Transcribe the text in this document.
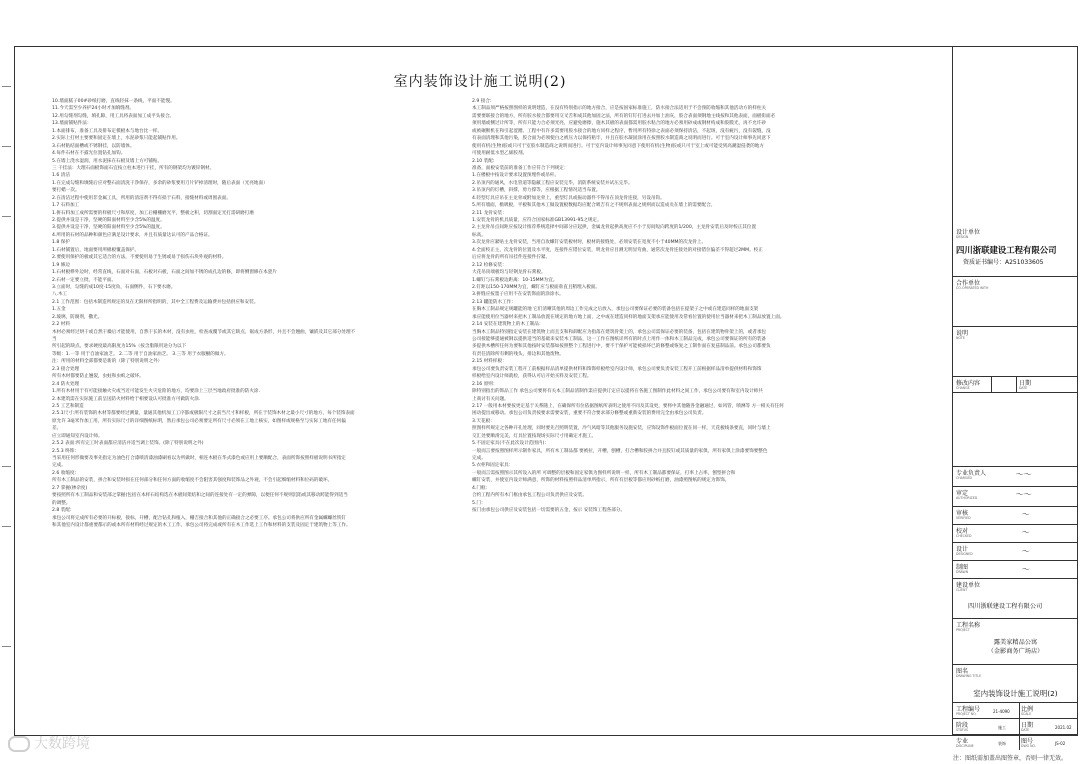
室内装饰设计施工说明(2)
10.墙面腻子00#砂纸打磨，直线轻抹一条线，平面不能慢。
11.今天需至少养护24小时才加填缝剂。
12.用勾缝剂勾缝，填孔隙，用工具将表面加工成平头接合。
13.墙面铺贴件法：
1.本面排布，准备工具及排布定模板本与地台比一样。
2.实际上打材主要要和固定在墙上，水泥砂浆只能起铺贴作用。
3.石材粘结面槽或不锈钢挂，以防墙体。
4.每件石材在不露光位置钻孔加钩。
5.在墙上浇水湿润，用水泥抹在石板及墙上方可铺贴。
三 干挂法：大理石面板饰面石宜按立柱本进行干挂，所有的钢架均为镀锌钢材。
1.6 清洁
1.在完成勾缝和填缝后应对整石面清洗干净保存，多余的砂浆要用刀片铲掉清理时，随后表面（光亮地面）
要打蜡一次。
2.在清洁过程中使用非金属工具，所用的清洁剂不得有损于石料，接缝材料或周围表面。
1.7 石料加工
1.拼石料加工成所需要的样板尺寸和厚度，加工后栅栅磨光平，整板之积，切割面定光打需研磨打磨
2.提供并设是干净，坚硬的阳面材料至少含5%的温度。
3.提供并设是干净，坚硬的阳面材料至少含5%的温度。
4.所用的石材的品种和颜色应满足设计要求，并且有质量达认可的产品合格证。
1.8 保护
1.石材铺置后，地面要用所棉板覆盖保护。
2.要使用保护的板或其它适合的方法，不要使用易于生锈或易于损伤石块外观的材料。
1.9 修边
1.石材板桦外边时，经常直线，石面对石面，石板对石板，石面之间加不锈的成孔边的修，即将侧窗修在本瓷片
2.石材一定要立批，不能平面。
3.立面时，勾缝的成10度-15度角，石面侧件，石下要水磨。
八.木工
2.1 工作范围：包括木制造所规定的及在无限样所指明的，其中全工程费及运输费并包括供应和安装。
1.五金
2.玻璃，防腐剂，撒光。
2.2 材料
木材必须经过烘干或自然干燥后才能使用，自然干长的木材，没有虫柱，检查成覆节或其它缺点，锯成方条形，并且不会翘曲，镶嵌及其它部分处理不
当
所引起的缺点。要求硬度最高限度为15%（按含脂限用途分为以下
等级：1.一等 用于自油家油乏。 2.二等 用于自油家油乏。 3.三等 用于衣服橱的做方。
注：所用的材料全部都要是新的（除了特别说明之外）
2.3 接合处理
所有木材都要防止翘裂，虫蛀和虫蚁之破坏。
2.4 防火处理
1.所有木材用于有可能接触火灾或当近可能发生火灾危险的地方，均要涂上三层当地政府批准的防火涂.
2.本建筑需在实际施工前呈送防火材料给于相要设认可批准方可做防火涂.
2.5 工艺和制造
2.5.1尺寸:所有装饰的木材等都要经过测量，量通其他机加工工序都或极限尺寸之前当尺寸和样板，所在于装饰木材之最小尺寸的地方，每个装饰表面
原允许 3毫米作加工用，所有实际尺寸的详细图纸标明，然后承包公司必须要定所有尺寸必须在工地上核实，如图样或规格至与实际工地有任何偏
差。
应立即通知室内设计师。
2.5.2 表面:所有完工时表面都应清洁并适当调上装饰。(除了特别说明之外)
2.5.3 终饰:
当采用任何形做要及事先指定为油色打合漆喷清漆油漆刷看以为所做时，相连木板在华式漆色或应用上要顺配合，表面所饰按照样板说明书所指定
完成。
2.6 收缩度:
所有木工制品的安装，拼合和安装时损在任何部分和任何方面的收缩度不会阻害其强度和装饰品之外观，不会引起细缩材料和位码的破坏。
2.7 掌握(掺杂度)
要按照所有木工制品和安装部之掌握(包括在本样石结构选在木板间架结和之间的连接处有一定的弹隙，以便任何不规则沉陷或其移动跨能得到适当
的调整。
2.8 装配:
承包公司将完成所有必要的开标板，接标，开槽，配合钻孔和植入，栅吉接合和其他的正确接合之必要工序。承包公司将供应所有金属螺螺丝铁钉
和其他室内设计都重要都示的或本所有材料经过规定的木工工作。承包公司将完成或所有在木工作选上工作和材料的支装及固定于建筑物上等工作。
2.9 接合:
本工制品须严格按照图样的说明建造，在没有特别指示的地方接合，应是按国家标准施工，防水接合法适用于不会预防收缩和其他活动方的样柱关
需要要联接合的地方，所有胶水接合都要用交叉舌和成其他加固之法，所有的钉钉打进去并加上油灰，胶合表面须钢地主线按和其他表面，面板衔面必
须用墙或侧过计所等，所有只能力合必须光亮，应避免磨擦，施木其板的表面都需用胶水粘合的地方必须用砂成或钢材构成和胶膜光，再不允许砂
或被碾断机在和引起涩蹭。工程中有许多需要用胶水接合的地方同样之程序，暂用所有特徐之表面必须保持清洁，不起斑，没有疵污，没有裂缝，没
有表面清理和其他污染，胶合面为必须使白之被压力以保持粘牢，并且在胶水凝固涂用在按照胶水制造商之说明而进行。可于室内设计师事先同意下
使用有机(生物)胶或只可于室胶水制造商之说明而进行。可于室内设计师事先同意下使用有机(生物)胶或只可于室上或可能受到高潮湿侵袭的地方
可使用耐低水型乙烯胶剂。
2.10 装配:
准备，面板安装前的准备工作应符合下列规定：
1.在楼板中按设计要求设置预埋件或吊杆。
2.吊顶内的通风，水电管道等隐蔽工程应安装完毕，消防系统安装并试压完毕。
3.吊顶内的灯槽，斜撑，剪力撑等，应根据工程情况适当布置。
4.轻型灯具应吊在主龙骨或附加龙骨上，重型灯具或振动器件不得吊在顶龙骨连接，另设吊钩。
5.所有墙面，檐吸板，平板和其他木工做设置板数据均应配合吸吉有之不规则表面之规则而以造成贡在墙上的需要配合。
2.11 龙骨安装：
1.安装龙骨的机具质量，应符合国家标准GB13991-95之规定。
2.主龙骨吊点间距应按设计推荐系统选择中间部分应起拱，金属龙骨起拱高度应不小于房间短向跨度的1/200，主龙骨安装后及时校正其位置
标高。
3.次龙骨应紧贴主龙骨安装，当用自攻螺钉安装板材时，板材的接缝处，必须安装在宽度不小于40MM的次龙骨上。
4.全面校正主，次龙骨的位置及水平度，连接件应错位安装，明龙骨应目测无明显弯曲，通常次龙骨连接处的对接错位偏差不得超过2MM。校正
后应将龙骨的所有吊挂件连接件拧紧。
2.12 检修安装：
大花吊顶端板均与轻钢龙骨石膏板。
1.螺钉与石膏板边距离：10-15MM为宜。
2.钉距以150-170MM为宜，螺钉应与板面垂直且稍埋入板面。
3.拼缝应按墨子应用不在安装饰面的涂涂水。
2.13 罐能防水工作：
在胸木工制品规定规罐能的地 它们清晰其他的周边工作完成之后放入，承包公司要保证必要的装备包括在提架子之中或在建造同样的地面支架
承应能使用位当器材来把木工制品放置在规定的地方地上面，之中或在建造同样的地面支架承应能使用及常看位置的使用位当器材来把木工制品放置上面。
2.14 安装在建筑物上的木工制品：
当胸木工制品特别指定安装在建筑物上而且支和和卸配应为指落在建筑骨架上的，承包公司需保证必要的装备，包括在建筑物骨架上的，或者承包
公司接能够提通被钢以提供适当的基础来安装木工制品，这一工作在图纸详所有的时点上用作一体和木工制品完成，承包公司要保证的所有的装备
多提供木槽所任何为要和其他按时安装都如按照整个工程进行中，要不于保护可能被损坏已的修整或恢复之工制作面在复兹制品前。承包公司都要负
有责任清除所有剩的残头，排边和其他废物。
2.15 材料样板：
承包公司要负责安装工程开工前根据样品清单提供材料和饰饰样板给室内设计师，承包公司要负责安装工程开工前根据样品清单提供材料和饰饰
样板给室内设计师就检，获得认可后开始买料及安装工程。
2.16 原则：
除特别指出的饰品工作 承包公司要将有关本工制品清制作渠应提供订定应以提将在各施工图制作此材料之间工作，承包公司要有和室内设计师共
上商讨有关问题。
2.17 一般用本材要按更定基于关系随上，在确保所有位依据图纸所表明之使用不同及其设更，要将中其他随各金融通过，如风管，喷淋等 方一相关有任何
困动提出或移动。承包公司负责按要求需要安装，重要不符合要求部分修整或重新安装的费用完全由承包公司负责。
3.天花板：
照图样所规定之各种开孔处理，同时要先召照明装置，冷气风暗等其他服务设施安装，应饰设饰件板面位置在同一样，天花板线条要直，同时与墙上
交汇处要顺滑完美，灯具位置按现场实际尺寸用确定才施工。
5.不固定家具(不在此次设计范围内)：
一般而言要按照图样所示制作家具，所有木工制品都 要被拉，开槽，刨槽，打合槽和胶拼合并且胶钉或其质量的家俱，所有家俱上涂漆要饰要整色
完成。
5.衣柜和固定家具：
一般而言需按照图示其所设入的所 可调整的层板和固定家俱为图样所说明一样，所有木工制品都要保证，打率上占率，刨型拼合和
螺钉安装，并使室内设计师满意，所饰的材料按照样品清单所指示，所有有层板等都应用砂纸打磨，油漆照图纸的规定为饰饰。
4.门框：
合约工程内所有木门框由承包工程公司负责供应及安装。
5.门：
按门由承包公司供应及安装包括一切需要的五金，按示 安装饰工程各部分。
设计单位
DESIGN
四川浙联建设工程有限公司
资质证书编号：A251033605
合作单位
CO-OPERATED WITH
说明
NOTE
修改内容
CHANGE
日期
DATE
专业负责人
CHARGED	～～
审定
AUTHORIZED	～～
审核
VERIFIED	～
校对
CHECKED	～
设计
DESIGNED	～
制图
DRAWN	～
建设单位
CLIENT
四川浙联建设工程有限公司
工程名称
PROJECT
露美家精品公寓
（金影商务广场店）
图名
DRAWING TITLE
室内装饰设计施工说明(2)
工程编号
PROJECT NO.	21-4090 比例
SCALE
阶段
STATUS	施工	日期
DATE	2021.02
专业
DISCIPLINE	装饰	图号
DWG NO.	JS-02
大数跨境
注：图纸需加盖出图签章，否则一律无效。
